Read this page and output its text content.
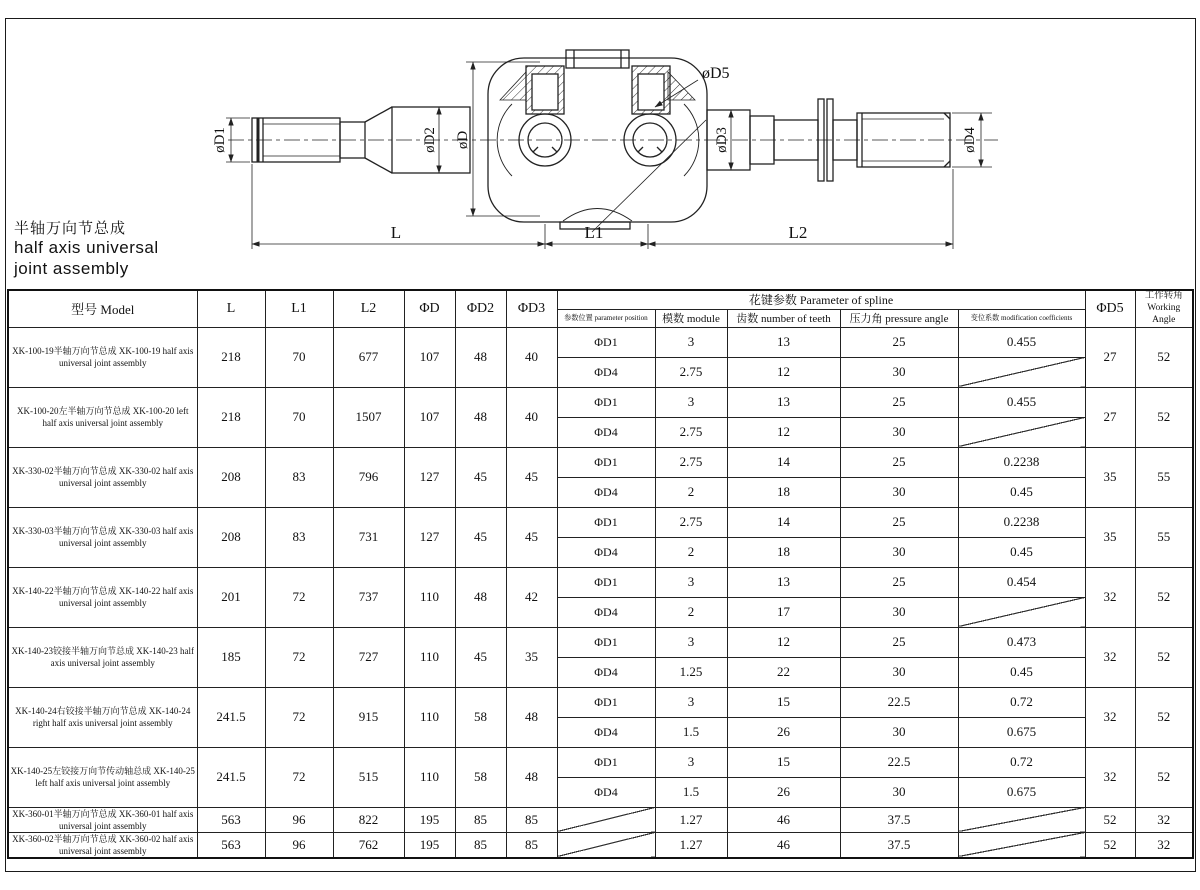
øD1	øD2 øD	øD3	øD4
øD5
L	L1	L2
半轴万向节总成
half axis universal
joint assembly
型号 Model	L	L1	L2	ΦD	ΦD2	ΦD3	花键参数 Parameter of spline					ΦD5	工作转角
Working Angle
							参数位置 parameter position	模数 module	齿数 number of teeth	压力角 pressure angle	变位系数 modification coefficients		
XK-100-19半轴万向节总成 XK-100-19 half axis universal joint assembly	218	70	677	107	48	40	ΦD1	3	13	25	0.455	27	52
							ΦD4	2.75	12	30			
XK-100-20左半轴万向节总成 XK-100-20 left half axis universal joint assembly	218	70	1507	107	48	40	ΦD1	3	13	25	0.455	27	52
							ΦD4	2.75	12	30			
XK-330-02半轴万向节总成 XK-330-02 half axis universal joint assembly	208	83	796	127	45	45	ΦD1	2.75	14	25	0.2238	35	55
							ΦD4	2	18	30	0.45		
XK-330-03半轴万向节总成 XK-330-03 half axis universal joint assembly	208	83	731	127	45	45	ΦD1	2.75	14	25	0.2238	35	55
							ΦD4	2	18	30	0.45		
XK-140-22半轴万向节总成 XK-140-22 half axis universal joint assembly	201	72	737	110	48	42	ΦD1	3	13	25	0.454	32	52
							ΦD4	2	17	30			
XK-140-23铰接半轴万向节总成 XK-140-23 half axis universal joint assembly	185	72	727	110	45	35	ΦD1	3	12	25	0.473	32	52
							ΦD4	1.25	22	30	0.45		
XK-140-24右铰接半轴万向节总成 XK-140-24 right half axis universal joint assembly	241.5	72	915	110	58	48	ΦD1	3	15	22.5	0.72	32	52
							ΦD4	1.5	26	30	0.675		
XK-140-25左铰接万向节传动轴总成 XK-140-25 left half axis universal joint assembly	241.5	72	515	110	58	48	ΦD1	3	15	22.5	0.72	32	52
							ΦD4	1.5	26	30	0.675		
XK-360-01半轴万向节总成 XK-360-01 half axis universal joint assembly	563	96	822	195	85	85		1.27	46	37.5		52	32
XK-360-02半轴万向节总成 XK-360-02 half axis universal joint assembly	563	96	762	195	85	85		1.27	46	37.5		52	32
